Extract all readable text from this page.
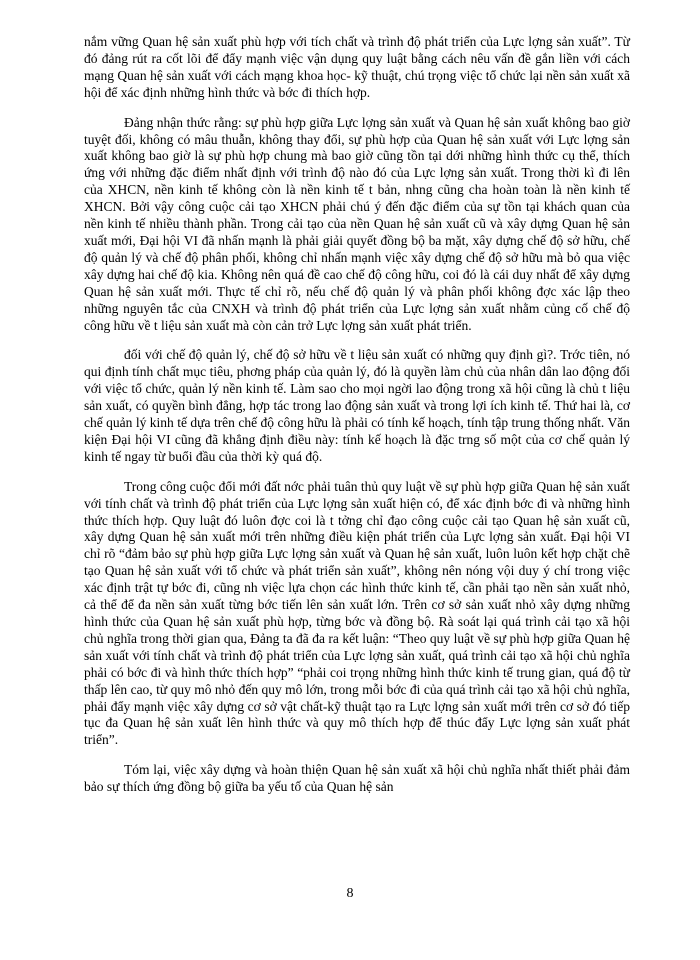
nắm vững Quan hệ sản xuất phù hợp với tích chất và trình độ phát triển của Lực lợng sản xuất”. Từ đó đảng rút ra cốt lõi để đẩy mạnh việc vận dụng quy luật bằng cách nêu vấn đề gắn liền với cách mạng Quan hệ sản xuất với cách mạng khoa học- kỹ thuật, chú trọng việc tổ chức lại nền sản xuất xã hội để xác định những hình thức và bớc đi thích hợp.

Đảng nhận thức rằng: sự phù hợp giữa Lực lợng sản xuất và Quan hệ sản xuất không bao giờ tuyệt đối, không có mâu thuẫn, không thay đổi, sự phù hợp của Quan hệ sản xuất với Lực lợng sản xuất không bao giờ là sự phù hợp chung mà bao giờ cũng tồn tại dới những hình thức cụ thể, thích ứng với những đặc điểm nhất định với trình độ nào đó của Lực lợng sản xuất. Trong thời kì đi lên của XHCN, nền kinh tế không còn là nền kinh tế t bản, nhng cũng cha hoàn toàn là nền kinh tế XHCN. Bởi vậy công cuộc cải tạo XHCN phải chú ý đến đặc điểm của sự tồn tại khách quan của nền kinh tế nhiều thành phần. Trong cải tạo của nền Quan hệ sản xuất cũ và xây dựng Quan hệ sản xuất mới, Đại hội VI đã nhấn mạnh là phải giải quyết đồng bộ ba mặt, xây dựng chế độ sở hữu, chế độ quản lý và chế độ phân phối, không chỉ nhấn mạnh việc xây dựng chế độ sở hữu mà bỏ qua việc xây dựng hai chế độ kia. Không nên quá đề cao chế độ công hữu, coi đó là cái duy nhất để xây dựng Quan hệ sản xuất mới. Thực tế chỉ rõ, nếu chế độ quản lý và phân phối không đợc xác lập theo những nguyên tắc của CNXH và trình độ phát triển của Lực lợng sản xuất nhằm củng cố chế độ công hữu về t liệu sản xuất mà còn cản trở Lực lợng sản xuất phát triển.

đối với chế độ quản lý, chế độ sở hữu về t liệu sản xuất có những quy định gì?. Trớc tiên, nó qui định tính chất mục tiêu, phơng pháp của quản lý, đó là quyền làm chủ của nhân dân lao động đối với việc tổ chức, quản lý nền kinh tế. Làm sao cho mọi ngời lao động trong xã hội cũng là chủ t liệu sản xuất, có quyền bình đẳng, hợp tác trong lao động sản xuất và trong lợi ích kinh tế. Thứ hai là, cơ chế quản lý kinh tế dựa trên chế độ công hữu là phải có tính kế hoạch, tính tập trung thống nhất. Văn kiện Đại hội VI cũng đã khẳng định điều này: tính kế hoạch là đặc trng số một của cơ chế quản lý kinh tế ngay từ buổi đầu của thời kỳ quá độ.

Trong công cuộc đổi mới đất nớc phải tuân thủ quy luật về sự phù hợp giữa Quan hệ sản xuất với tính chất và trình độ phát triển của Lực lợng sản xuất hiện có, để xác định bớc đi và những hình thức thích hợp. Quy luật đó luôn đợc coi là t tởng chỉ đạo công cuộc cải tạo Quan hệ sản xuất cũ, xây dựng Quan hệ sản xuất mới trên những điều kiện phát triển của Lực lợng sản xuất. Đại hội VI chỉ rõ “đảm bảo sự phù hợp giữa Lực lợng sản xuất và Quan hệ sản xuất, luôn luôn kết hợp chặt chẽ tạo Quan hệ sản xuất với tổ chức và phát triển sản xuất”, không nên nóng vội duy ý chí trong việc xác định trật tự bớc đi, cũng nh việc lựa chọn các hình thức kinh tế, cần phải tạo nền sản xuất nhỏ, cả thể để đa nền sản xuất từng bớc tiến lên sản xuất lớn. Trên cơ sở sản xuất nhỏ xây dựng những hình thức của Quan hệ sản xuất phù hợp, từng bớc và đồng bộ. Rà soát lại quá trình cải tạo xã hội chủ nghĩa trong thời gian qua, Đảng ta đã đa ra kết luận: “Theo quy luật về sự phù hợp giữa Quan hệ sản xuất với tính chất và trình độ phát triển của Lực lợng sản xuất, quá trình cải tạo xã hội chủ nghĩa phải có bớc đi và hình thức thích hợp” “phải coi trọng những hình thức kinh tế trung gian, quá độ từ thấp lên cao, từ quy mô nhỏ đến quy mô lớn, trong mỗi bớc đi của quá trình cải tạo xã hội chủ nghĩa, phải đẩy mạnh việc xây dựng cơ sở vật chất-kỹ thuật tạo ra Lực lợng sản xuất mới trên cơ sở đó tiếp tục đa Quan hệ sản xuất lên hình thức và quy mô thích hợp để thúc đẩy Lực lợng sản xuất phát triển”.

Tóm lại, việc xây dựng và hoàn thiện Quan hệ sản xuất xã hội chủ nghĩa nhất thiết phải đảm bảo sự thích ứng đồng bộ giữa ba yếu tố của Quan hệ sản

8
